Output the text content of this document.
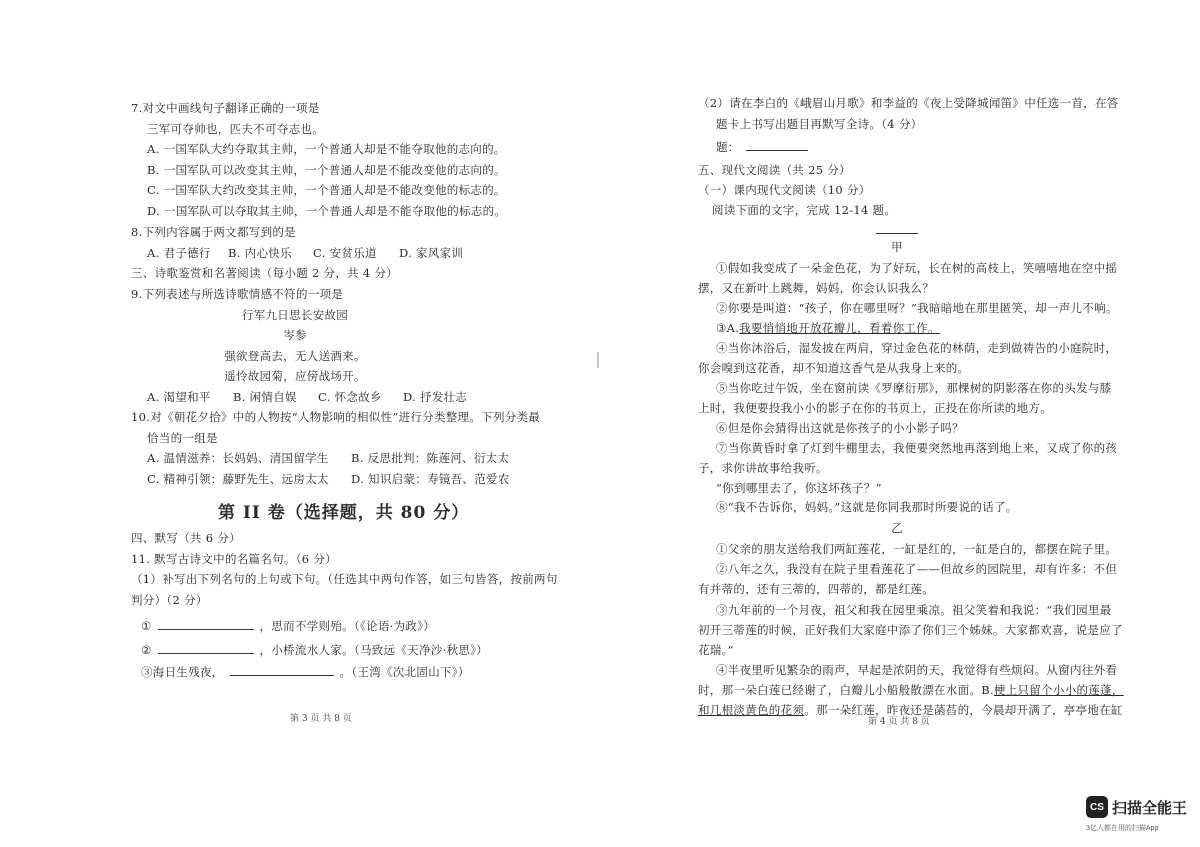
7.对文中画线句子翻译正确的一项是
三军可夺帅也，匹夫不可夺志也。
A. 一国军队大约夺取其主帅，一个普通人却是不能夺取他的志向的。
B. 一国军队可以改变其主帅，一个普通人却是不能改变他的志向的。
C. 一国军队大约改变其主帅，一个普通人却是不能改变他的标志的。
D. 一国军队可以夺取其主帅，一个普通人却是不能夺取他的标志的。
8.下列内容属于两文都写到的是
A. 君子德行 B. 内心快乐 C. 安贫乐道 D. 家风家训
三、诗歌鉴赏和名著阅读（每小题 2 分，共 4 分）
9.下列表述与所选诗歌情感不符的一项是
行军九日思长安故园
岑参
强欲登高去，无人送酒来。
遥怜故园菊，应傍战场开。
A. 渴望和平 B. 闲情自娱 C. 怀念故乡 D. 抒发壮志
10.对《朝花夕拾》中的人物按“人物影响的相似性”进行分类整理。下列分类最
恰当的一组是
A. 温情滋养：长妈妈、清国留学生 B. 反思批判：陈莲河、衍太太
C. 精神引领：藤野先生、远房太太 D. 知识启蒙：寿镜吾、范爱农
第 II 卷（选择题，共 80 分）
四、默写（共 6 分）
11. 默写古诗文中的名篇名句。（6 分）
（1）补写出下列名句的上句或下句。（任选其中两句作答，如三句皆答，按前两句
判分）（2 分）
①	，思而不学则殆。（《论语·为政》）
②	，小桥流水人家。（马致远《天净沙·秋思》）
③海日生残夜，	。（王湾《次北固山下》）
第 3 页 共 8 页
（2）请在李白的《峨眉山月歌》和李益的《夜上受降城闻笛》中任选一首，在答
题卡上书写出题目再默写全诗。（4 分）
题：
五、现代文阅读（共 25 分）
（一）课内现代文阅读（10 分）
阅读下面的文字，完成 12-14 题。
甲
①假如我变成了一朵金色花，为了好玩，长在树的高枝上，笑嘻嘻地在空中摇
摆，又在新叶上跳舞，妈妈，你会认识我么？
②你要是叫道：“孩子，你在哪里呀？”我暗暗地在那里匿笑，却一声儿不响。
③A.我要悄悄地开放花瓣儿，看着你工作。
④当你沐浴后，湿发披在两肩，穿过金色花的林荫，走到做祷告的小庭院时，
你会嗅到这花香，却不知道这香气是从我身上来的。
⑤当你吃过午饭，坐在窗前读《罗摩衍那》，那棵树的阴影落在你的头发与膝
上时，我便要投我小小的影子在你的书页上，正投在你所读的地方。
⑥但是你会猜得出这就是你孩子的小小影子吗？
⑦当你黄昏时拿了灯到牛棚里去，我便要突然地再落到地上来，又成了你的孩
子，求你讲故事给我听。
“你到哪里去了，你这坏孩子？”
⑧“我不告诉你，妈妈。”这就是你同我那时所要说的话了。
乙
①父亲的朋友送给我们两缸莲花，一缸是红的，一缸是白的，都摆在院子里。
②八年之久，我没有在院子里看莲花了——但故乡的园院里，却有许多：不但
有并蒂的，还有三蒂的，四蒂的，都是红莲。
③九年前的一个月夜，祖父和我在园里乘凉。祖父笑着和我说：“我们园里最
初开三蒂莲的时候，正好我们大家庭中添了你们三个姊妹。大家都欢喜，说是应了
花瑞。”
④半夜里听见繁杂的雨声，早起是浓阴的天，我觉得有些烦闷。从窗内往外看
时，那一朵白莲已经谢了，白瓣儿小船般散漂在水面。B.梗上只留个小小的莲蓬，
和几根淡黄色的花须。那一朵红莲，昨夜还是菡萏的，今晨却开满了，亭亭地在缸
第 4 页 共 8 页
CS 扫描全能王
3亿人都在用的扫描App
